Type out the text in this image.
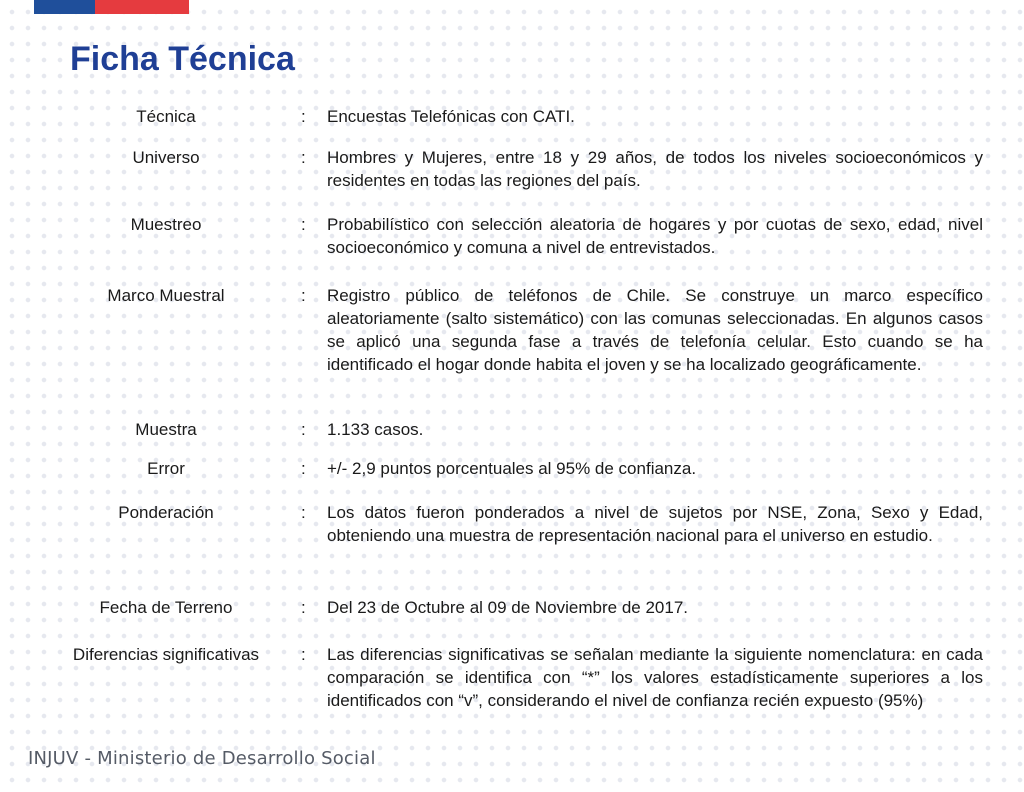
Ficha Técnica
Técnica	:	Encuestas Telefónicas con CATI.
Universo	:	Hombres y Mujeres, entre 18 y 29 años, de todos los niveles socioeconómicos y residentes en todas las regiones del país.
Muestreo	:	Probabilístico con selección aleatoria de hogares y por cuotas de sexo, edad, nivel socioeconómico y comuna a nivel de entrevistados.
Marco Muestral	:	Registro público de teléfonos de Chile. Se construye un marco específico aleatoriamente (salto sistemático) con las comunas seleccionadas. En algunos casos se aplicó una segunda fase a través de telefonía celular. Esto cuando se ha identificado el hogar donde habita el joven y se ha localizado geográficamente.
Muestra	:	1.133 casos.
Error	:	+/- 2,9 puntos porcentuales al 95% de confianza.
Ponderación	:	Los datos fueron ponderados a nivel de sujetos por NSE, Zona, Sexo y Edad, obteniendo una muestra de representación nacional para el universo en estudio.
Fecha de Terreno	:	Del 23 de Octubre al 09 de Noviembre de 2017.
Diferencias significativas	:	Las diferencias significativas se señalan mediante la siguiente nomenclatura: en cada comparación se identifica con “*” los valores estadísticamente superiores a los identificados con “v”, considerando el nivel de confianza recién expuesto (95%)
INJUV - Ministerio de Desarrollo Social
